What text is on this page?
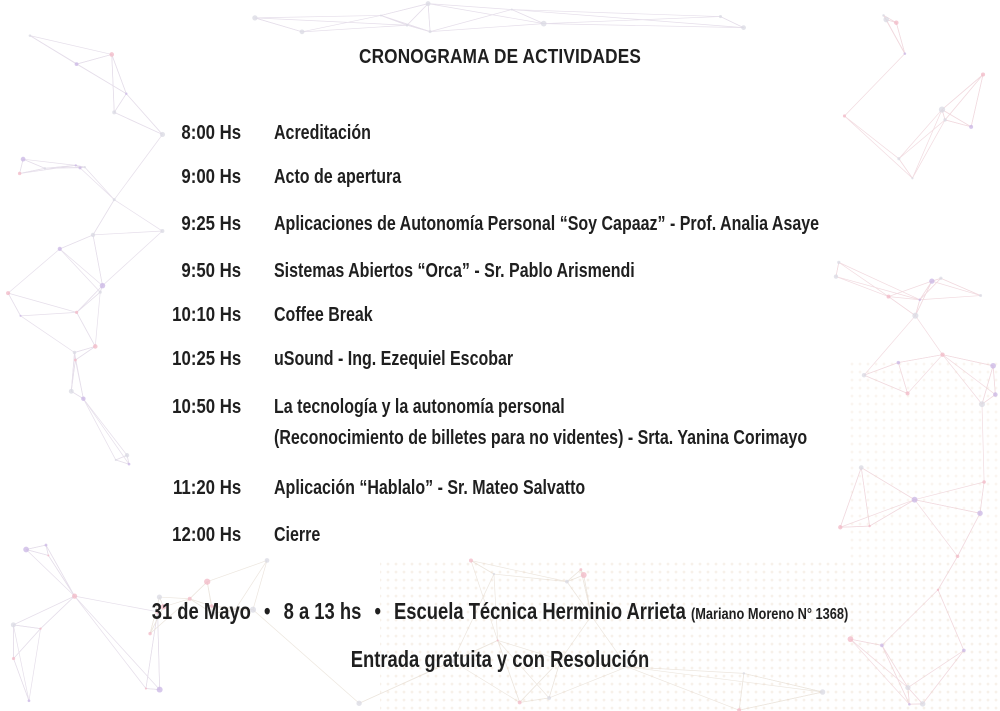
CRONOGRAMA DE ACTIVIDADES
8:00 Hs Acreditación
9:00 Hs Acto de apertura
9:25 Hs Aplicaciones de Autonomía Personal “Soy Capaaz” - Prof. Analia Asaye
9:50 Hs Sistemas Abiertos “Orca” - Sr. Pablo Arismendi
10:10 Hs Coffee Break
10:25 Hs uSound - Ing. Ezequiel Escobar
10:50 Hs La tecnología y la autonomía personal
(Reconocimiento de billetes para no videntes) - Srta. Yanina Corimayo
11:20 Hs Aplicación “Hablalo” - Sr. Mateo Salvatto
12:00 Hs Cierre
31 de Mayo • 8 a 13 hs • Escuela Técnica Herminio Arrieta (Mariano Moreno N° 1368)
Entrada gratuita y con Resolución
